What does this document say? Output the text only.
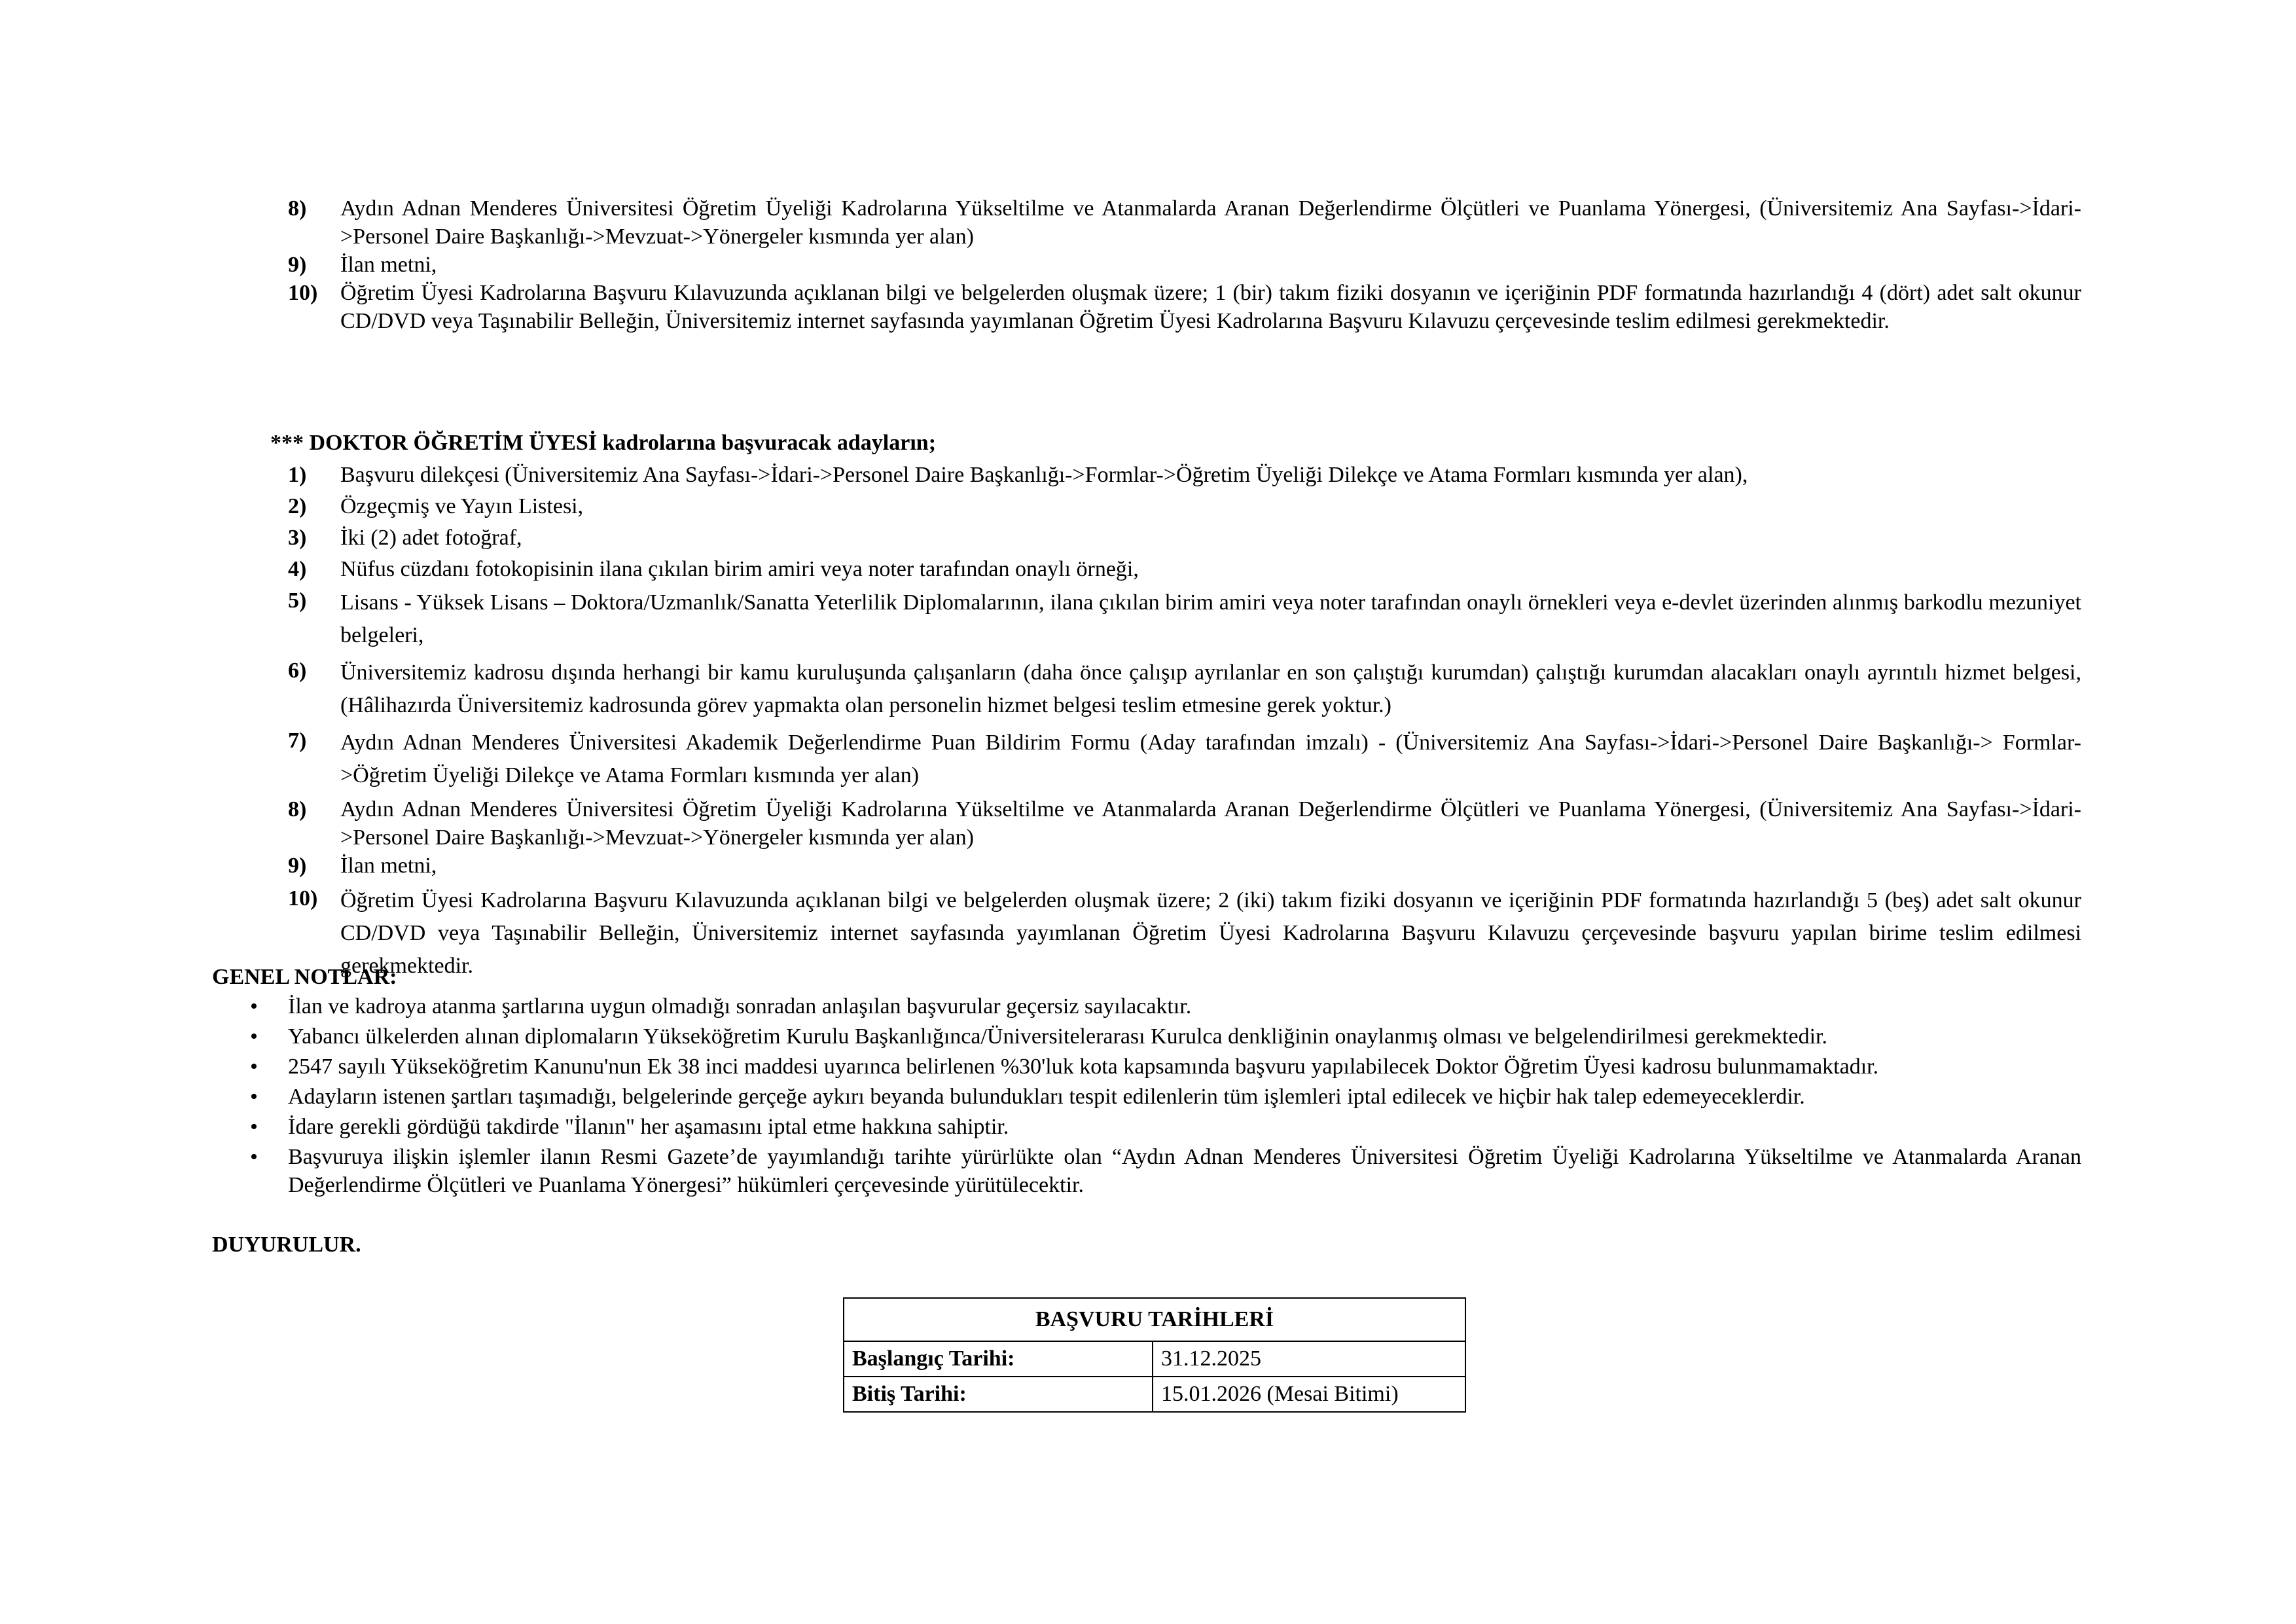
8)	Aydın Adnan Menderes Üniversitesi Öğretim Üyeliği Kadrolarına Yükseltilme ve Atanmalarda Aranan Değerlendirme Ölçütleri ve Puanlama Yönergesi, (Üniversitemiz Ana Sayfası->İdari->Personel Daire Başkanlığı->Mevzuat->Yönergeler kısmında yer alan)
9)	İlan metni,
10)	Öğretim Üyesi Kadrolarına Başvuru Kılavuzunda açıklanan bilgi ve belgelerden oluşmak üzere; 1 (bir) takım fiziki dosyanın ve içeriğinin PDF formatında hazırlandığı 4 (dört) adet salt okunur CD/DVD veya Taşınabilir Belleğin, Üniversitemiz internet sayfasında yayımlanan Öğretim Üyesi Kadrolarına Başvuru Kılavuzu çerçevesinde teslim edilmesi gerekmektedir.
*** DOKTOR ÖĞRETİM ÜYESİ kadrolarına başvuracak adayların;
1)	Başvuru dilekçesi (Üniversitemiz Ana Sayfası->İdari->Personel Daire Başkanlığı->Formlar->Öğretim Üyeliği Dilekçe ve Atama Formları kısmında yer alan),
2)	Özgeçmiş ve Yayın Listesi,
3)	İki (2) adet fotoğraf,
4)	Nüfus cüzdanı fotokopisinin ilana çıkılan birim amiri veya noter tarafından onaylı örneği,
5)	Lisans - Yüksek Lisans – Doktora/Uzmanlık/Sanatta Yeterlilik Diplomalarının, ilana çıkılan birim amiri veya noter tarafından onaylı örnekleri veya e-devlet üzerinden alınmış barkodlu mezuniyet belgeleri,
6)	Üniversitemiz kadrosu dışında herhangi bir kamu kuruluşunda çalışanların (daha önce çalışıp ayrılanlar en son çalıştığı kurumdan) çalıştığı kurumdan alacakları onaylı ayrıntılı hizmet belgesi, (Hâlihazırda Üniversitemiz kadrosunda görev yapmakta olan personelin hizmet belgesi teslim etmesine gerek yoktur.)
7)	Aydın Adnan Menderes Üniversitesi Akademik Değerlendirme Puan Bildirim Formu (Aday tarafından imzalı) - (Üniversitemiz Ana Sayfası->İdari->Personel Daire Başkanlığı-> Formlar->Öğretim Üyeliği Dilekçe ve Atama Formları kısmında yer alan)
8)	Aydın Adnan Menderes Üniversitesi Öğretim Üyeliği Kadrolarına Yükseltilme ve Atanmalarda Aranan Değerlendirme Ölçütleri ve Puanlama Yönergesi, (Üniversitemiz Ana Sayfası->İdari->Personel Daire Başkanlığı->Mevzuat->Yönergeler kısmında yer alan)
9)	İlan metni,
10)	Öğretim Üyesi Kadrolarına Başvuru Kılavuzunda açıklanan bilgi ve belgelerden oluşmak üzere; 2 (iki) takım fiziki dosyanın ve içeriğinin PDF formatında hazırlandığı 5 (beş) adet salt okunur CD/DVD veya Taşınabilir Belleğin, Üniversitemiz internet sayfasında yayımlanan Öğretim Üyesi Kadrolarına Başvuru Kılavuzu çerçevesinde başvuru yapılan birime teslim edilmesi gerekmektedir.
GENEL NOTLAR:
•	İlan ve kadroya atanma şartlarına uygun olmadığı sonradan anlaşılan başvurular geçersiz sayılacaktır.
•	Yabancı ülkelerden alınan diplomaların Yükseköğretim Kurulu Başkanlığınca/Üniversitelerarası Kurulca denkliğinin onaylanmış olması ve belgelendirilmesi gerekmektedir.
•	2547 sayılı Yükseköğretim Kanunu'nun Ek 38 inci maddesi uyarınca belirlenen %30'luk kota kapsamında başvuru yapılabilecek Doktor Öğretim Üyesi kadrosu bulunmamaktadır.
•	Adayların istenen şartları taşımadığı, belgelerinde gerçeğe aykırı beyanda bulundukları tespit edilenlerin tüm işlemleri iptal edilecek ve hiçbir hak talep edemeyeceklerdir.
•	İdare gerekli gördüğü takdirde "İlanın" her aşamasını iptal etme hakkına sahiptir.
•	Başvuruya ilişkin işlemler ilanın Resmi Gazete’de yayımlandığı tarihte yürürlükte olan “Aydın Adnan Menderes Üniversitesi Öğretim Üyeliği Kadrolarına Yükseltilme ve Atanmalarda Aranan Değerlendirme Ölçütleri ve Puanlama Yönergesi” hükümleri çerçevesinde yürütülecektir.
DUYURULUR.
BAŞVURU TARİHLERİ	
Başlangıç Tarihi:	31.12.2025
Bitiş Tarihi:	15.01.2026 (Mesai Bitimi)
